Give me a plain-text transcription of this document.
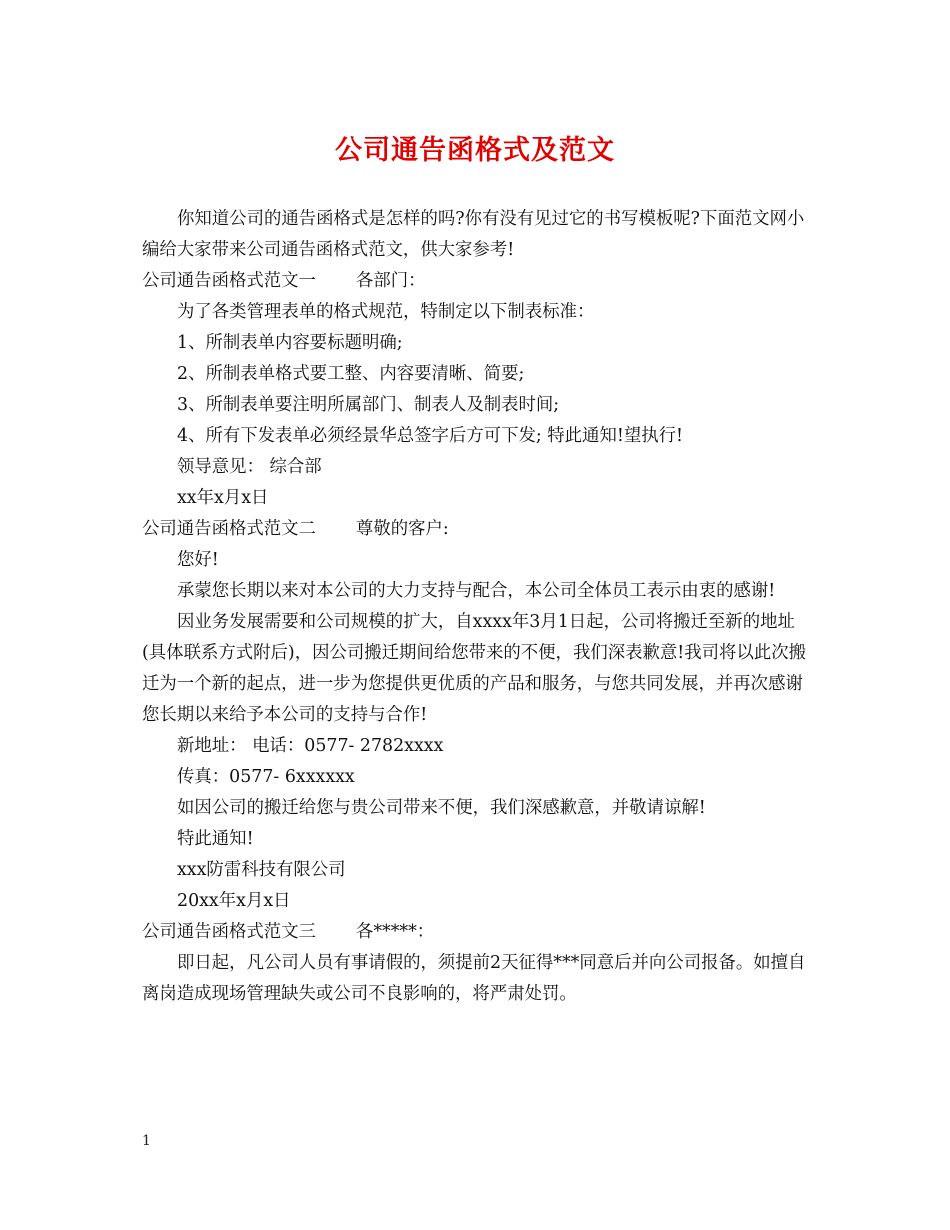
公司通告函格式及范文

你知道公司的通告函格式是怎样的吗?你有没有见过它的书写模板呢?下面范文网小编给大家带来公司通告函格式范文，供大家参考!

公司通告函格式范文一 各部门：

为了各类管理表单的格式规范，特制定以下制表标准：

1、所制表单内容要标题明确;

2、所制表单格式要工整、内容要清晰、简要;

3、所制表单要注明所属部门、制表人及制表时间;

4、所有下发表单必须经景华总签字后方可下发; 特此通知!望执行!

领导意见： 综合部

xx年x月x日

公司通告函格式范文二 尊敬的客户:

您好!

承蒙您长期以来对本公司的大力支持与配合，本公司全体员工表示由衷的感谢!

因业务发展需要和公司规模的扩大，自xxxx年3月1日起，公司将搬迁至新的地址(具体联系方式附后)，因公司搬迁期间给您带来的不便，我们深表歉意!我司将以此次搬迁为一个新的起点，进一步为您提供更优质的产品和服务，与您共同发展，并再次感谢您长期以来给予本公司的支持与合作!

新地址： 电话：0577- 2782xxxx

传真：0577- 6xxxxxx

如因公司的搬迁给您与贵公司带来不便，我们深感歉意，并敬请谅解!

特此通知!

xxx防雷科技有限公司

20xx年x月x日

公司通告函格式范文三 各*****：

即日起，凡公司人员有事请假的，须提前2天征得***同意后并向公司报备。如擅自离岗造成现场管理缺失或公司不良影响的，将严肃处罚。

1
